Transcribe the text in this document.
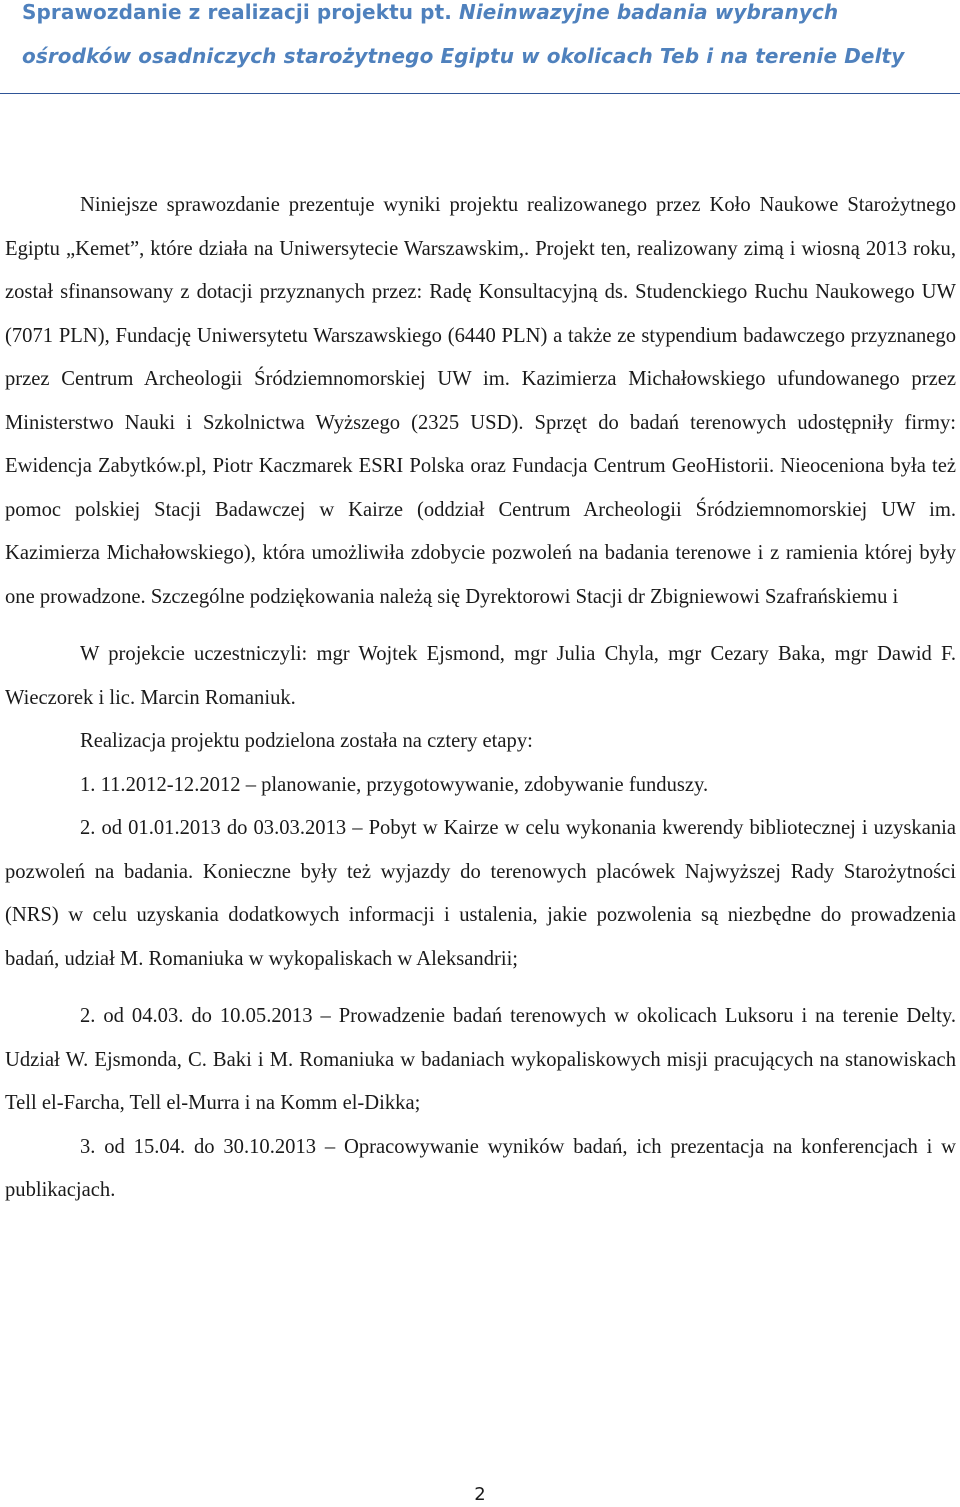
Sprawozdanie z realizacji projektu pt. Nieinwazyjne badania wybranych
ośrodków osadniczych starożytnego Egiptu w okolicach Teb i na terenie Delty

Niniejsze sprawozdanie prezentuje wyniki projektu realizowanego przez Koło Naukowe Starożytnego Egiptu „Kemet”, które działa na Uniwersytecie Warszawskim,. Projekt ten, realizowany zimą i wiosną 2013 roku, został sfinansowany z dotacji przyznanych przez: Radę Konsultacyjną ds. Studenckiego Ruchu Naukowego UW (7071 PLN), Fundację Uniwersytetu Warszawskiego (6440 PLN) a także ze stypendium badawczego przyznanego przez Centrum Archeologii Śródziemnomorskiej UW im. Kazimierza Michałowskiego ufundowanego przez Ministerstwo Nauki i Szkolnictwa Wyższego (2325 USD). Sprzęt do badań terenowych udostępniły firmy: Ewidencja Zabytków.pl, Piotr Kaczmarek ESRI Polska oraz Fundacja Centrum GeoHistorii. Nieoceniona była też pomoc polskiej Stacji Badawczej w Kairze (oddział Centrum Archeologii Śródziemnomorskiej UW im. Kazimierza Michałowskiego), która umożliwiła zdobycie pozwoleń na badania terenowe i z ramienia której były one prowadzone. Szczególne podziękowania należą się Dyrektorowi Stacji dr Zbigniewowi Szafrańskiemu i

W projekcie uczestniczyli: mgr Wojtek Ejsmond, mgr Julia Chyla, mgr Cezary Baka, mgr Dawid F. Wieczorek i lic. Marcin Romaniuk.

Realizacja projektu podzielona została na cztery etapy:

1. 11.2012-12.2012 – planowanie, przygotowywanie, zdobywanie funduszy.

2. od 01.01.2013 do 03.03.2013 – Pobyt w Kairze w celu wykonania kwerendy bibliotecznej i uzyskania pozwoleń na badania. Konieczne były też wyjazdy do terenowych placówek Najwyższej Rady Starożytności (NRS) w celu uzyskania dodatkowych informacji i ustalenia, jakie pozwolenia są niezbędne do prowadzenia badań, udział M. Romaniuka w wykopaliskach w Aleksandrii;

2. od 04.03. do 10.05.2013 – Prowadzenie badań terenowych w okolicach Luksoru i na terenie Delty. Udział W. Ejsmonda, C. Baki i M. Romaniuka w badaniach wykopaliskowych misji pracujących na stanowiskach Tell el-Farcha, Tell el-Murra i na Komm el-Dikka;

3. od 15.04. do 30.10.2013 – Opracowywanie wyników badań, ich prezentacja na konferencjach i w publikacjach.

2
